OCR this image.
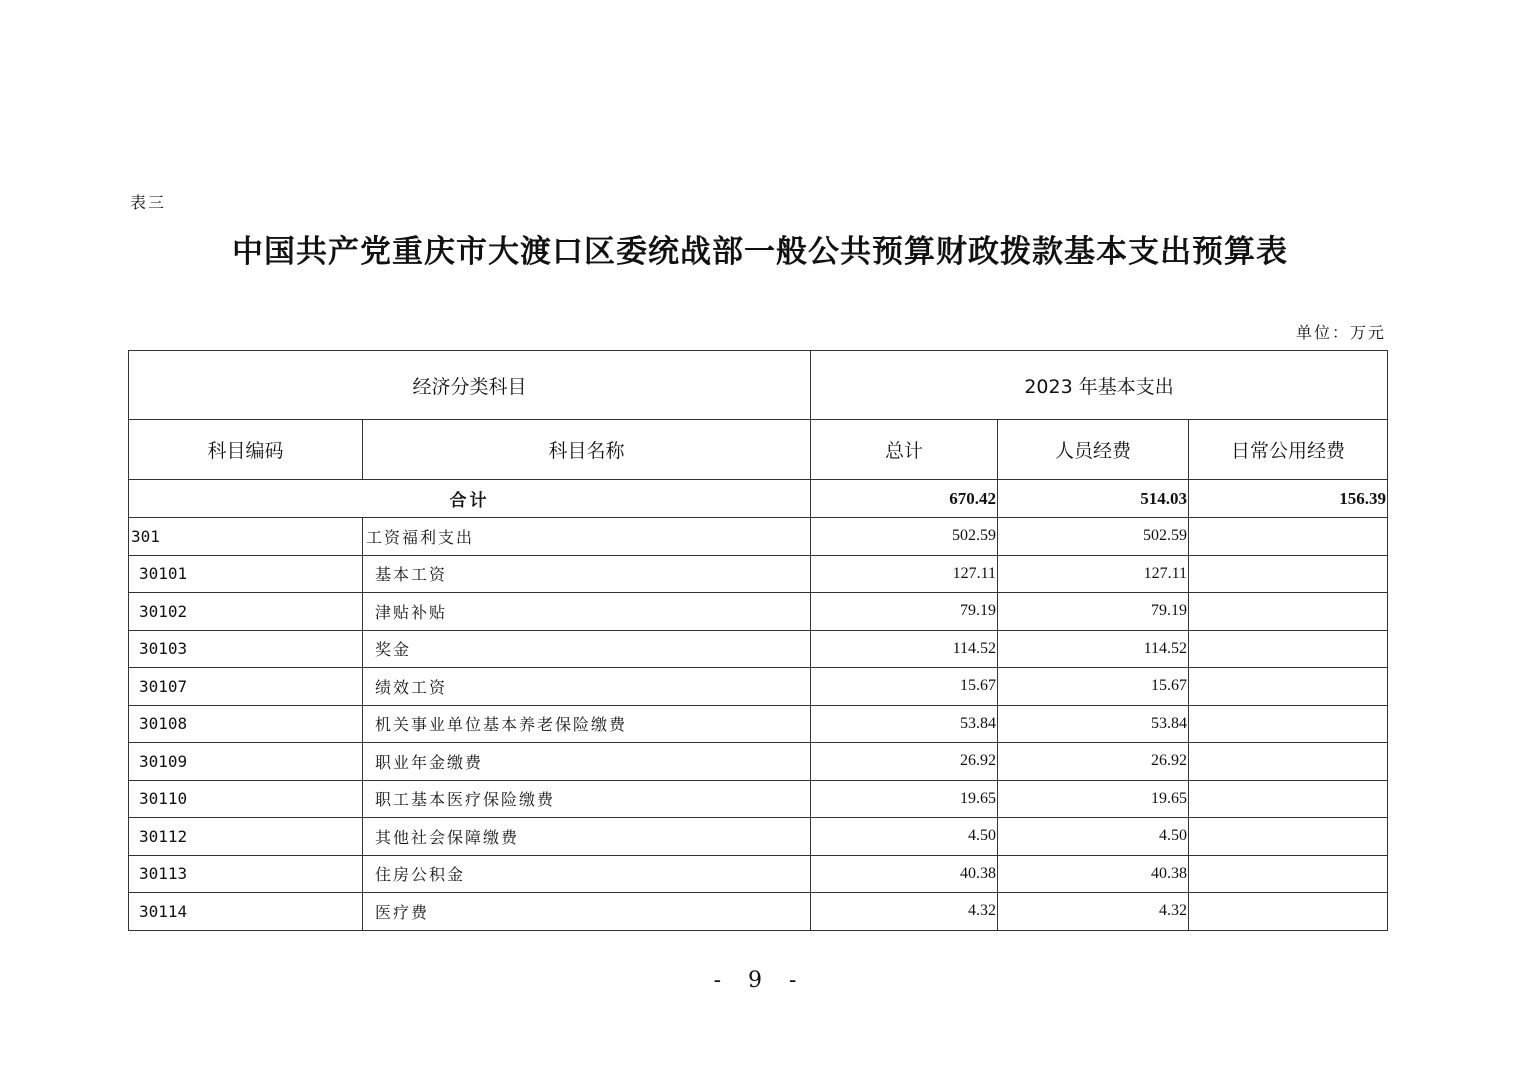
表三
中国共产党重庆市大渡口区委统战部一般公共预算财政拨款基本支出预算表
单位：万元
经济分类科目		2023 年基本支出		
科目编码	科目名称	总计	人员经费	日常公用经费
合计		670.42	514.03	156.39
301	工资福利支出	502.59	502.59	
30101	基本工资	127.11	127.11	
30102	津贴补贴	79.19	79.19	
30103	奖金	114.52	114.52	
30107	绩效工资	15.67	15.67	
30108	机关事业单位基本养老保险缴费	53.84	53.84	
30109	职业年金缴费	26.92	26.92	
30110	职工基本医疗保险缴费	19.65	19.65	
30112	其他社会保障缴费	4.50	4.50	
30113	住房公积金	40.38	40.38	
30114	医疗费	4.32	4.32	
- 9 -
